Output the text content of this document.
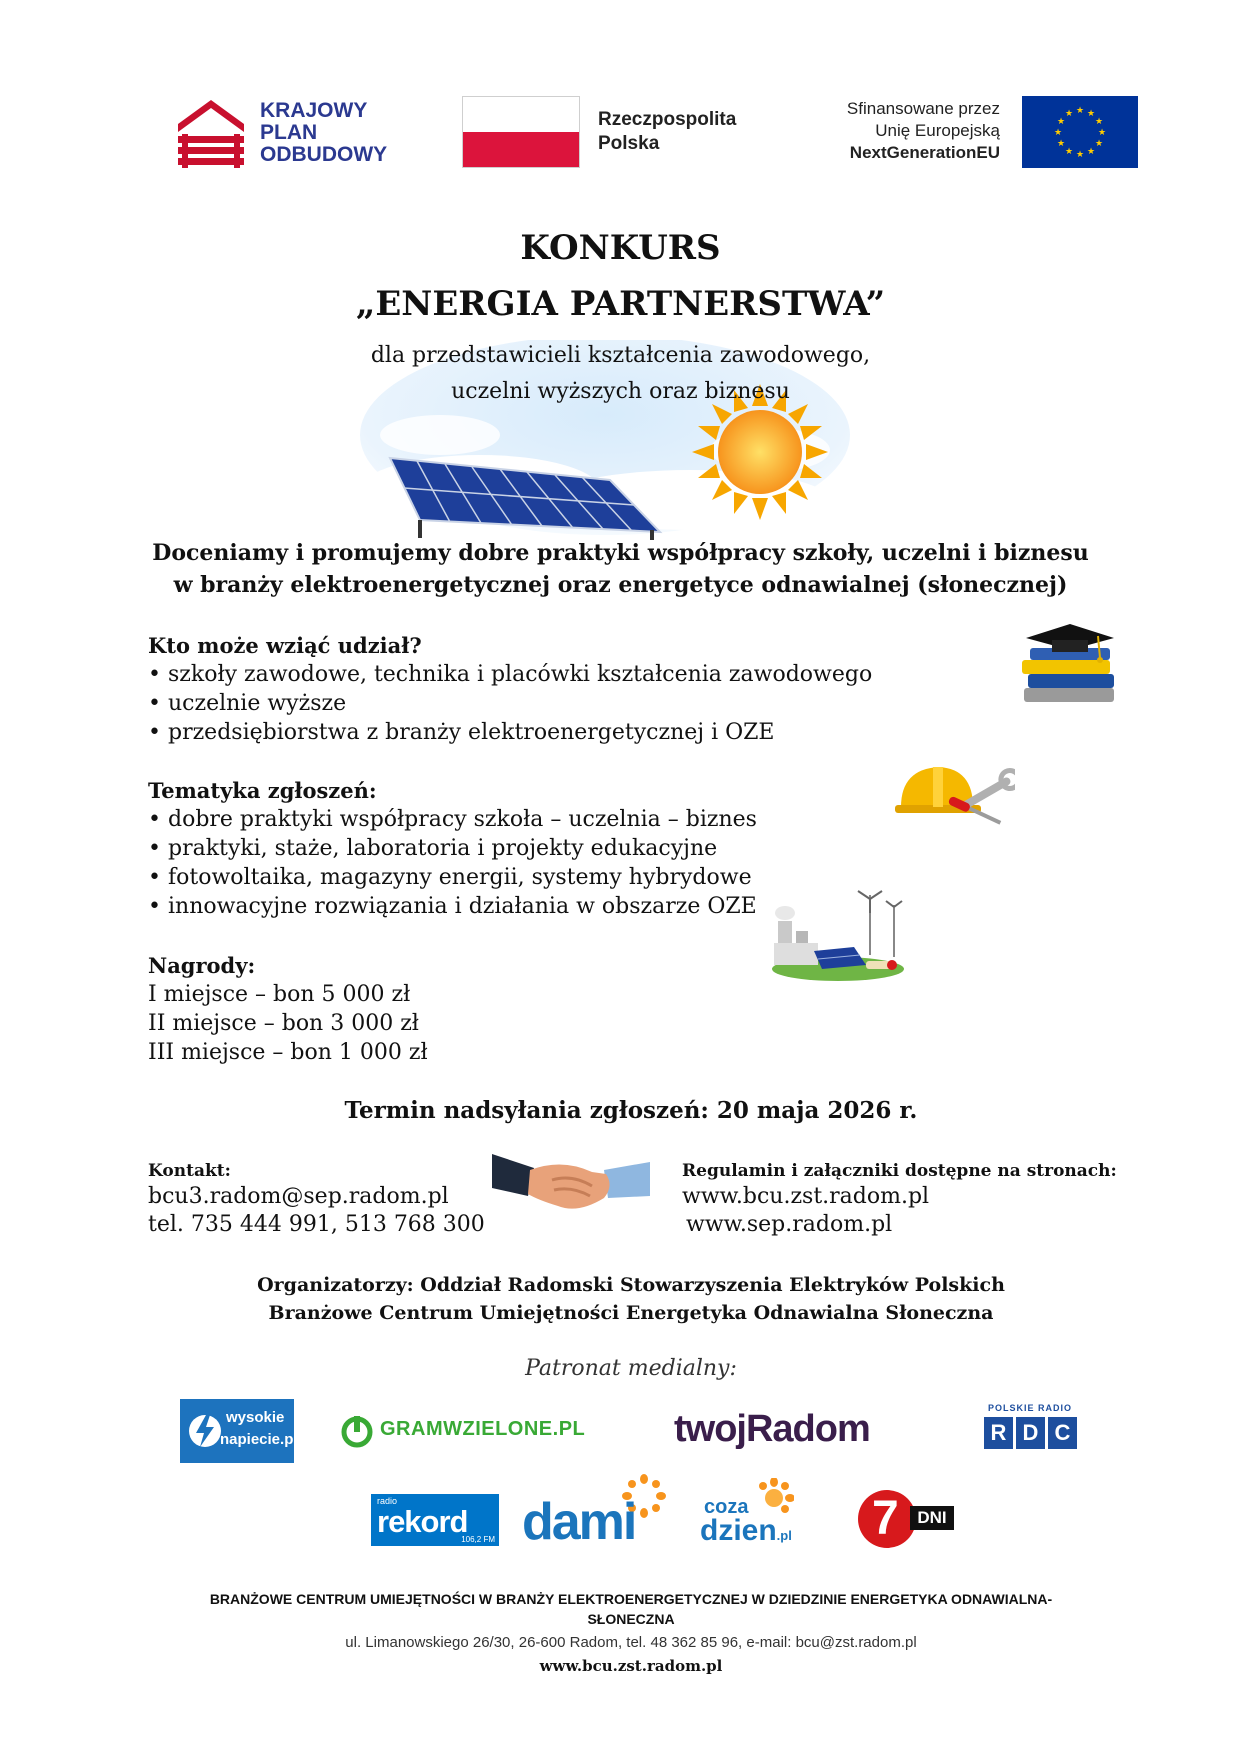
KRAJOWY
PLAN
ODBUDOWY
Rzeczpospolita
Polska
Sfinansowane przez
Unię Europejską
NextGenerationEU
★ ★
★
★
★
★
★
★
★
★
★
★
KONKURS
„ENERGIA PARTNERSTWA”
dla przedstawicieli kształcenia zawodowego,
uczelni wyższych oraz biznesu
Doceniamy i promujemy dobre praktyki współpracy szkoły, uczelni i biznesu
w branży elektroenergetycznej oraz energetyce odnawialnej (słonecznej)
Kto może wziąć udział?
• szkoły zawodowe, technika i placówki kształcenia zawodowego
• uczelnie wyższe
• przedsiębiorstwa z branży elektroenergetycznej i OZE
Tematyka zgłoszeń:
• dobre praktyki współpracy szkoła – uczelnia – biznes
• praktyki, staże, laboratoria i projekty edukacyjne
• fotowoltaika, magazyny energii, systemy hybrydowe
• innowacyjne rozwiązania i działania w obszarze OZE
Nagrody:
I miejsce – bon 5 000 zł
II miejsce – bon 3 000 zł
III miejsce – bon 1 000 zł
Termin nadsyłania zgłoszeń: 20 maja 2026 r.
Kontakt:
bcu3.radom@sep.radom.pl
tel. 735 444 991, 513 768 300
Regulamin i załączniki dostępne na stronach:
www.bcu.zst.radom.pl
www.sep.radom.pl
Organizatorzy: Oddział Radomski Stowarzyszenia Elektryków Polskich
Branżowe Centrum Umiejętności Energetyka Odnawialna Słoneczna
Patronat medialny:
wysokie
napiecie.pl	GRAMWZIELONE.PL twojRadom	POLSKIE RADIO
R D C
radio
rekord
106,2 FM dami	coza
dzien.pl 7	DNI
BRANŻOWE CENTRUM UMIEJĘTNOŚCI W BRANŻY ELEKTROENERGETYCZNEJ W DZIEDZINIE ENERGETYKA ODNAWIALNA-
SŁONECZNA
ul. Limanowskiego 26/30, 26-600 Radom, tel. 48 362 85 96, e-mail: bcu@zst.radom.pl
www.bcu.zst.radom.pl
